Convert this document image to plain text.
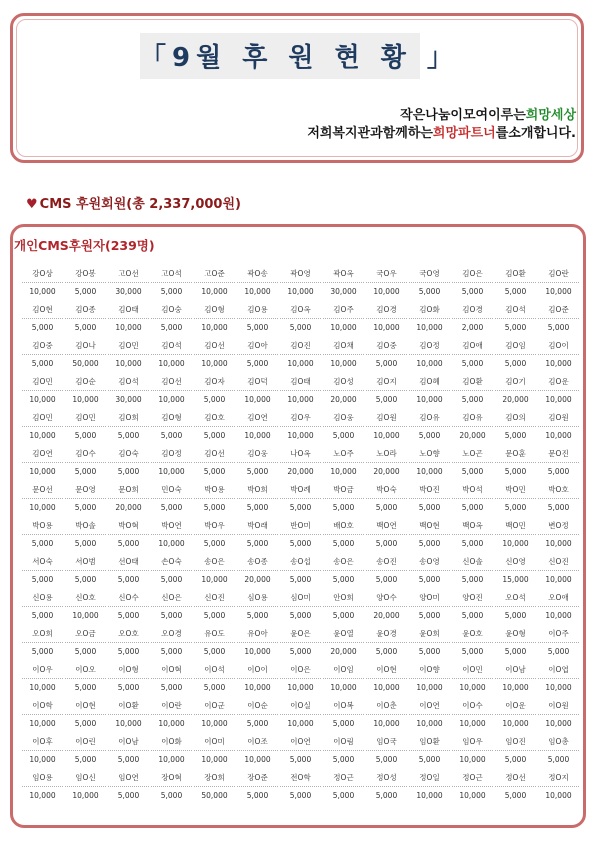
「9월 후 원 현 황 」
작은나눔이모여이루는희망세상
저희복지관과함께하는희망파트너를소개합니다.
♥ CMS 후원회원(총 2,337,000원)
개인CMS후원자(239명)
강O상
10,000
강O봉
5,000
고O선
30,000
고O석
5,000
고O준
10,000
곽O송
10,000
곽O영
10,000
곽O옥
30,000
국O우
10,000
국O영
5,000
김O은
5,000
김O환
5,000
김O란
10,000
김O현
5,000
김O종
5,000
김O태
10,000
김O숭
5,000
김O형
10,000
김O용
5,000
김O옥
5,000
김O주
10,000
김O경
10,000
김O화
10,000
김O경
2,000
김O석
5,000
김O준
5,000
김O중
5,000
김O나
50,000
김O민
10,000
김O석
10,000
김O선
10,000
김O아
5,000
김O진
10,000
김O채
10,000
김O중
5,000
김O정
10,000
김O애
5,000
김O임
5,000
김O이
10,000
김O민
10,000
김O순
10,000
김O석
30,000
김O선
10,000
김O자
5,000
김O덕
10,000
김O태
10,000
김O성
20,000
김O지
5,000
김O혜
10,000
김O환
5,000
김O기
20,000
김O운
10,000
김O민
10,000
김O민
5,000
김O희
5,000
김O형
5,000
김O호
5,000
김O연
10,000
김O우
10,000
김O웅
5,000
김O원
10,000
김O유
5,000
김O유
20,000
김O의
5,000
김O원
10,000
김O연
10,000
김O수
5,000
김O숙
5,000
김O정
10,000
김O선
5,000
김O웅
5,000
나O옥
20,000
노O주
10,000
노O라
20,000
노O향
10,000
노O곤
5,000
문O훈
5,000
문O진
5,000
문O선
10,000
문O영
5,000
문O희
20,000
민O숙
5,000
박O용
5,000
박O희
5,000
박O례
5,000
박O금
5,000
박O숙
5,000
박O진
5,000
박O석
5,000
박O민
5,000
박O호
5,000
박O용
5,000
박O솔
5,000
박O혁
5,000
박O연
10,000
박O우
5,000
박O래
5,000
반O미
5,000
배O호
5,000
백O연
5,000
백O현
5,000
백O옥
5,000
백O민
10,000
변O정
10,000
서O숙
5,000
서O범
5,000
선O태
5,000
손O숙
5,000
송O은
10,000
송O종
20,000
송O섭
5,000
송O은
5,000
송O진
5,000
송O영
5,000
신O솔
5,000
신O영
15,000
신O진
10,000
신O용
5,000
신O호
10,000
신O수
5,000
신O은
5,000
신O진
5,000
심O용
5,000
심O미
5,000
안O희
5,000
양O수
20,000
양O미
5,000
양O진
5,000
오O석
5,000
오O애
10,000
오O희
5,000
오O금
5,000
오O호
5,000
오O경
5,000
유O도
5,000
유O아
10,000
윤O은
5,000
윤O열
20,000
윤O경
5,000
윤O희
5,000
윤O호
5,000
윤O형
5,000
이O주
5,000
이O우
10,000
이O오
5,000
이O형
5,000
이O혁
5,000
이O석
5,000
이O이
10,000
이O은
10,000
이O임
10,000
이O현
10,000
이O향
10,000
이O민
10,000
이O남
10,000
이O엽
10,000
이O학
10,000
이O현
5,000
이O환
10,000
이O란
10,000
이O군
10,000
이O순
5,000
이O실
10,000
이O복
5,000
이O춘
10,000
이O연
10,000
이O수
10,000
이O운
10,000
이O원
10,000
이O후
10,000
이O린
5,000
이O남
5,000
이O화
10,000
이O미
10,000
이O조
10,000
이O연
5,000
이O림
5,000
임O국
5,000
임O환
5,000
임O우
10,000
임O진
5,000
임O총
5,000
임O용
10,000
임O신
10,000
임O연
5,000
장O혁
5,000
장O희
50,000
장O준
5,000
전O학
5,000
정O근
5,000
정O성
5,000
정O일
10,000
정O근
10,000
정O선
5,000
정O지
10,000
